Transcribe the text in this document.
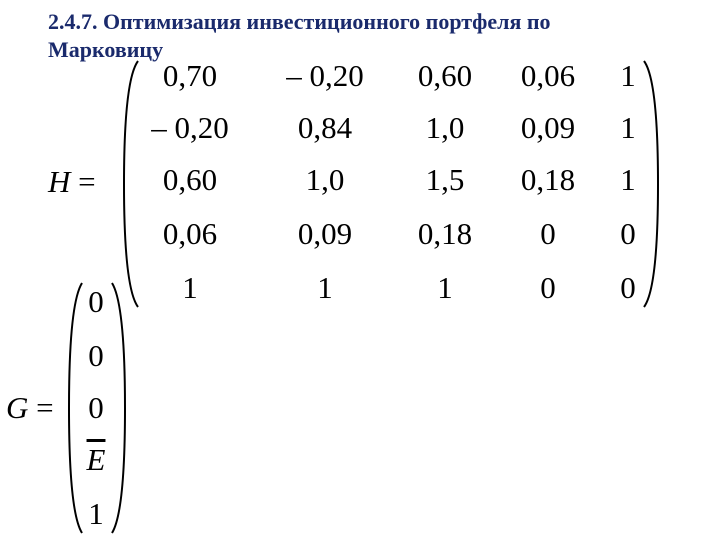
2.4.7. Оптимизация инвестиционного портфеля по
Марковицу
H =
0,70 – 0,20 0,60 0,06 1
– 0,20 0,84 1,0 0,09 1
0,60	1,0	1,5 0,18 1
0,06	0,09 0,18 0 0
1	1	1	0 0
G =
0
0
0
$\overline{E}$
1
